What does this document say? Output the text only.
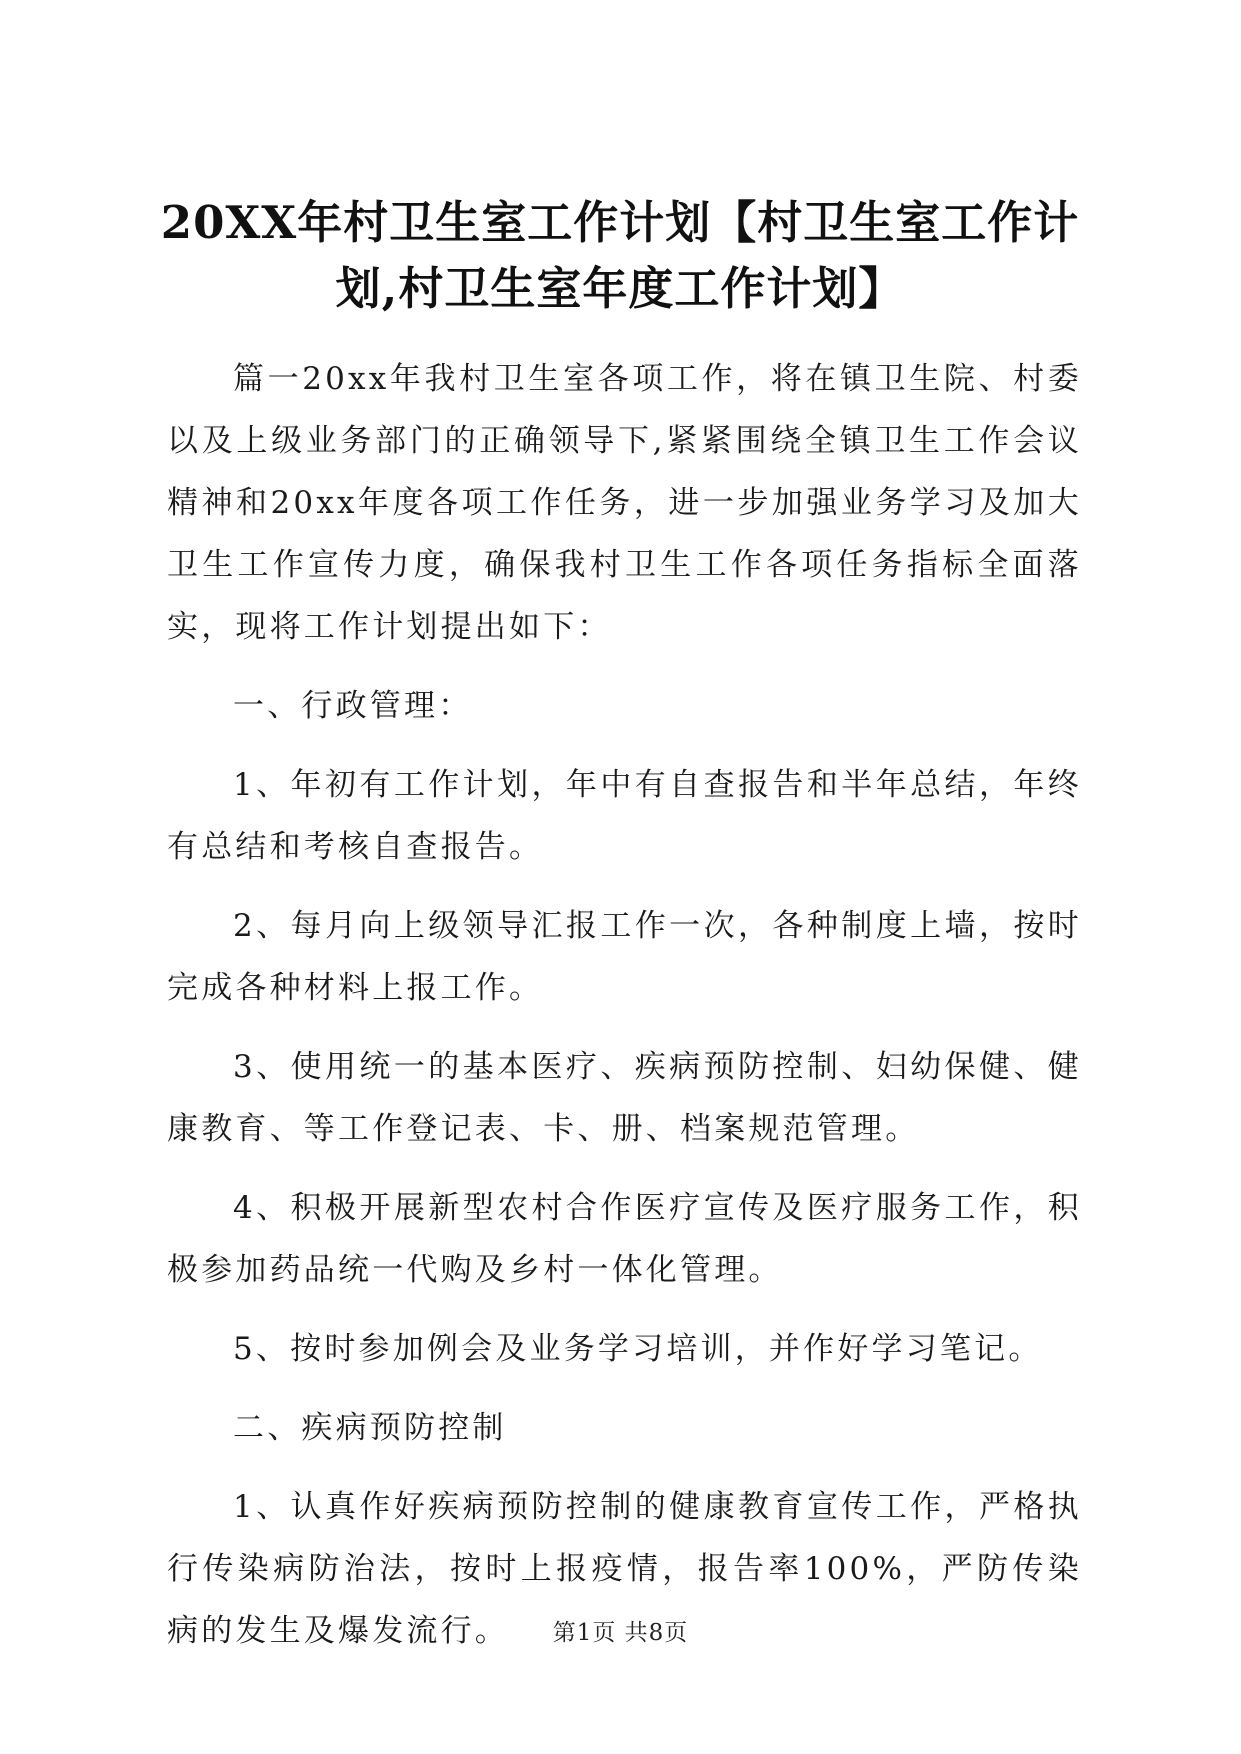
20XX年村卫生室工作计划【村卫生室工作计划,村卫生室年度工作计划】

篇一20xx年我村卫生室各项工作，将在镇卫生院、村委以及上级业务部门的正确领导下,紧紧围绕全镇卫生工作会议精神和20xx年度各项工作任务，进一步加强业务学习及加大卫生工作宣传力度，确保我村卫生工作各项任务指标全面落实，现将工作计划提出如下：

一、行政管理：

1、年初有工作计划，年中有自查报告和半年总结，年终有总结和考核自查报告。

2、每月向上级领导汇报工作一次，各种制度上墙，按时完成各种材料上报工作。

3、使用统一的基本医疗、疾病预防控制、妇幼保健、健康教育、等工作登记表、卡、册、档案规范管理。

4、积极开展新型农村合作医疗宣传及医疗服务工作，积极参加药品统一代购及乡村一体化管理。

5、按时参加例会及业务学习培训，并作好学习笔记。

二、疾病预防控制

1、认真作好疾病预防控制的健康教育宣传工作，严格执行传染病防治法，按时上报疫情，报告率100%，严防传染病的发生及爆发流行。	第1页 共8页
